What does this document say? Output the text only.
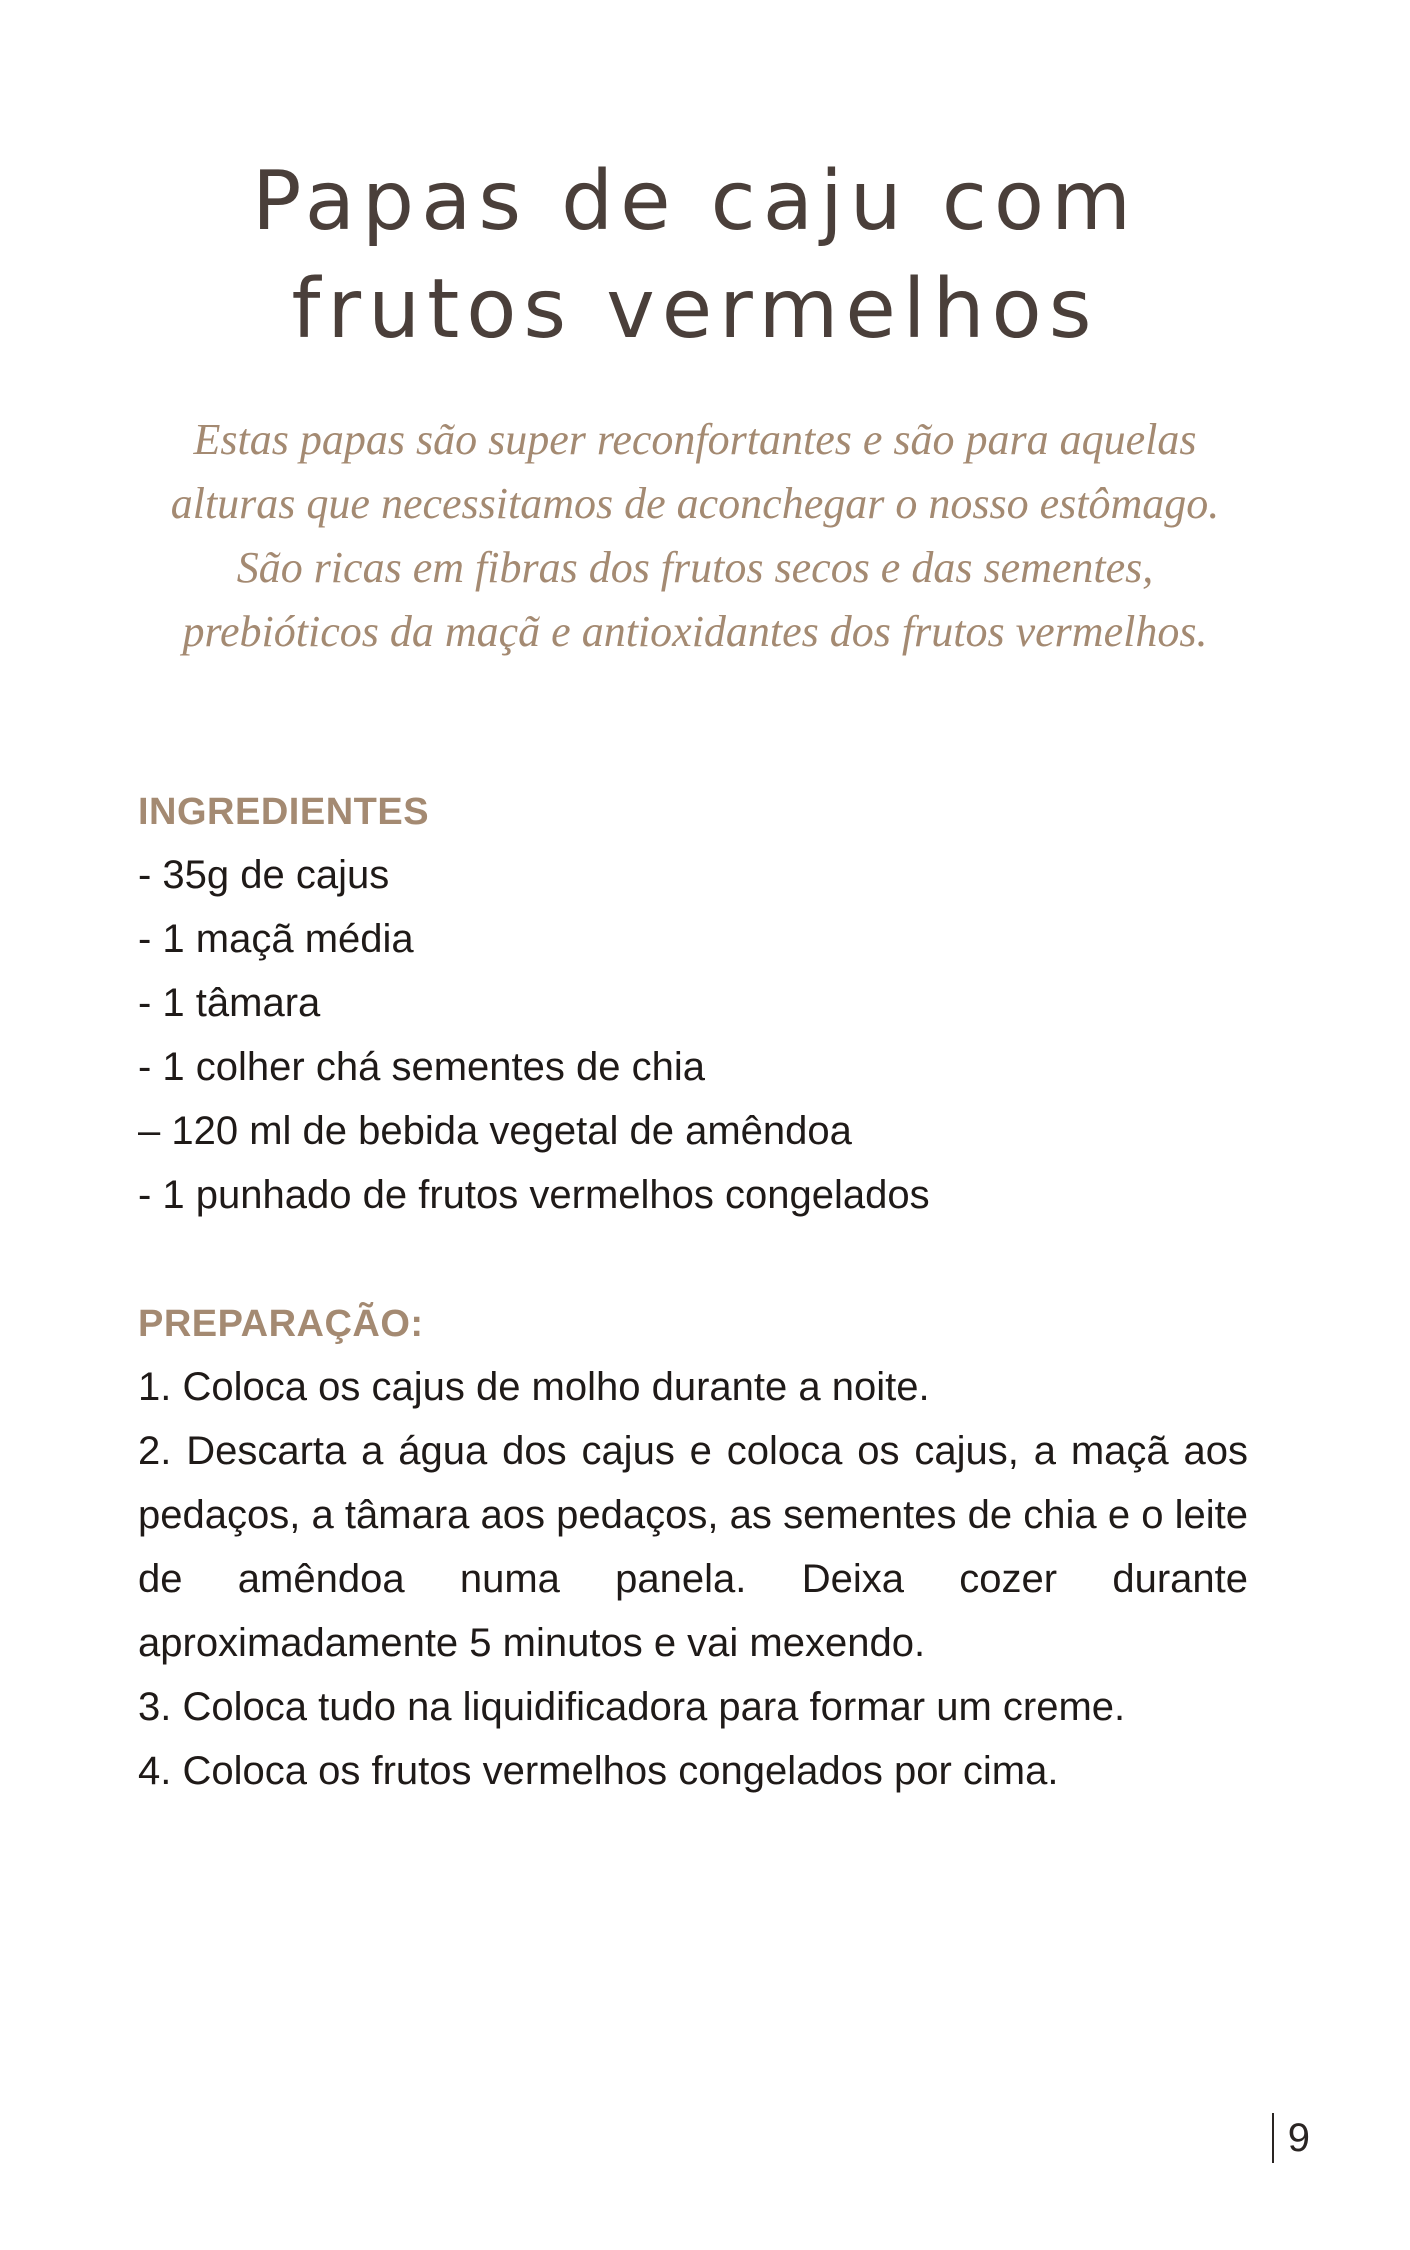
Papas de caju com
frutos vermelhos

Estas papas são super reconfortantes e são para aquelas
alturas que necessitamos de aconchegar o nosso estômago.
São ricas em fibras dos frutos secos e das sementes,
prebióticos da maçã e antioxidantes dos frutos vermelhos.

INGREDIENTES
- 35g de cajus
- 1 maçã média
- 1 tâmara
- 1 colher chá sementes de chia
– 120 ml de bebida vegetal de amêndoa
- 1 punhado de frutos vermelhos congelados
PREPARAÇÃO:
1. Coloca os cajus de molho durante a noite.
2. Descarta a água dos cajus e coloca os cajus, a maçã aos pedaços, a tâmara aos pedaços, as sementes de chia e o leite de amêndoa numa panela. Deixa cozer durante aproximadamente 5 minutos e vai mexendo.
3. Coloca tudo na liquidificadora para formar um creme.
4. Coloca os frutos vermelhos congelados por cima.
9
